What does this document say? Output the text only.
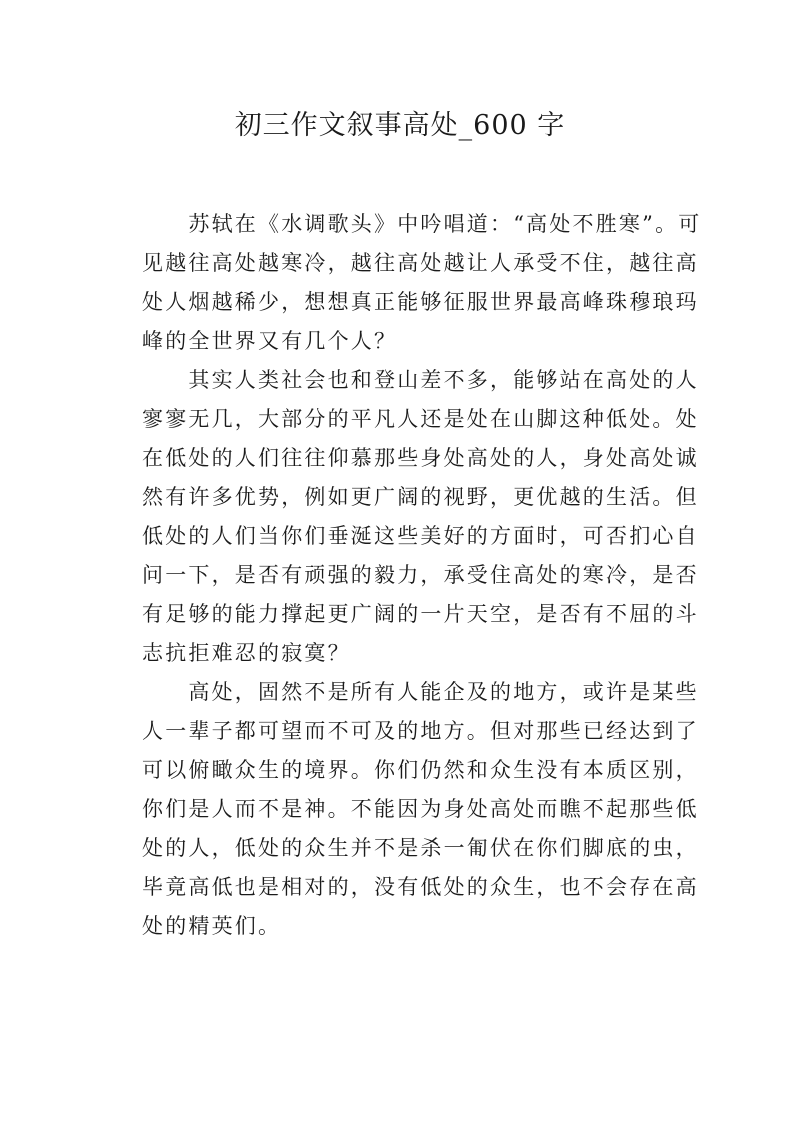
初三作文叙事高处_600 字
　　苏轼在《水调歌头》中吟唱道：“高处不胜寒”。可
见越往高处越寒冷，越往高处越让人承受不住，越往高
处人烟越稀少，想想真正能够征服世界最高峰珠穆琅玛
峰的全世界又有几个人？
　　其实人类社会也和登山差不多，能够站在高处的人
寥寥无几，大部分的平凡人还是处在山脚这种低处。处
在低处的人们往往仰慕那些身处高处的人，身处高处诚
然有许多优势，例如更广阔的视野，更优越的生活。但
低处的人们当你们垂涎这些美好的方面时，可否扪心自
问一下，是否有顽强的毅力，承受住高处的寒冷，是否
有足够的能力撑起更广阔的一片天空，是否有不屈的斗
志抗拒难忍的寂寞？
　　高处，固然不是所有人能企及的地方，或许是某些
人一辈子都可望而不可及的地方。但对那些已经达到了
可以俯瞰众生的境界。你们仍然和众生没有本质区别，
你们是人而不是神。不能因为身处高处而瞧不起那些低
处的人，低处的众生并不是杀一匍伏在你们脚底的虫，
毕竟高低也是相对的，没有低处的众生，也不会存在高
处的精英们。
